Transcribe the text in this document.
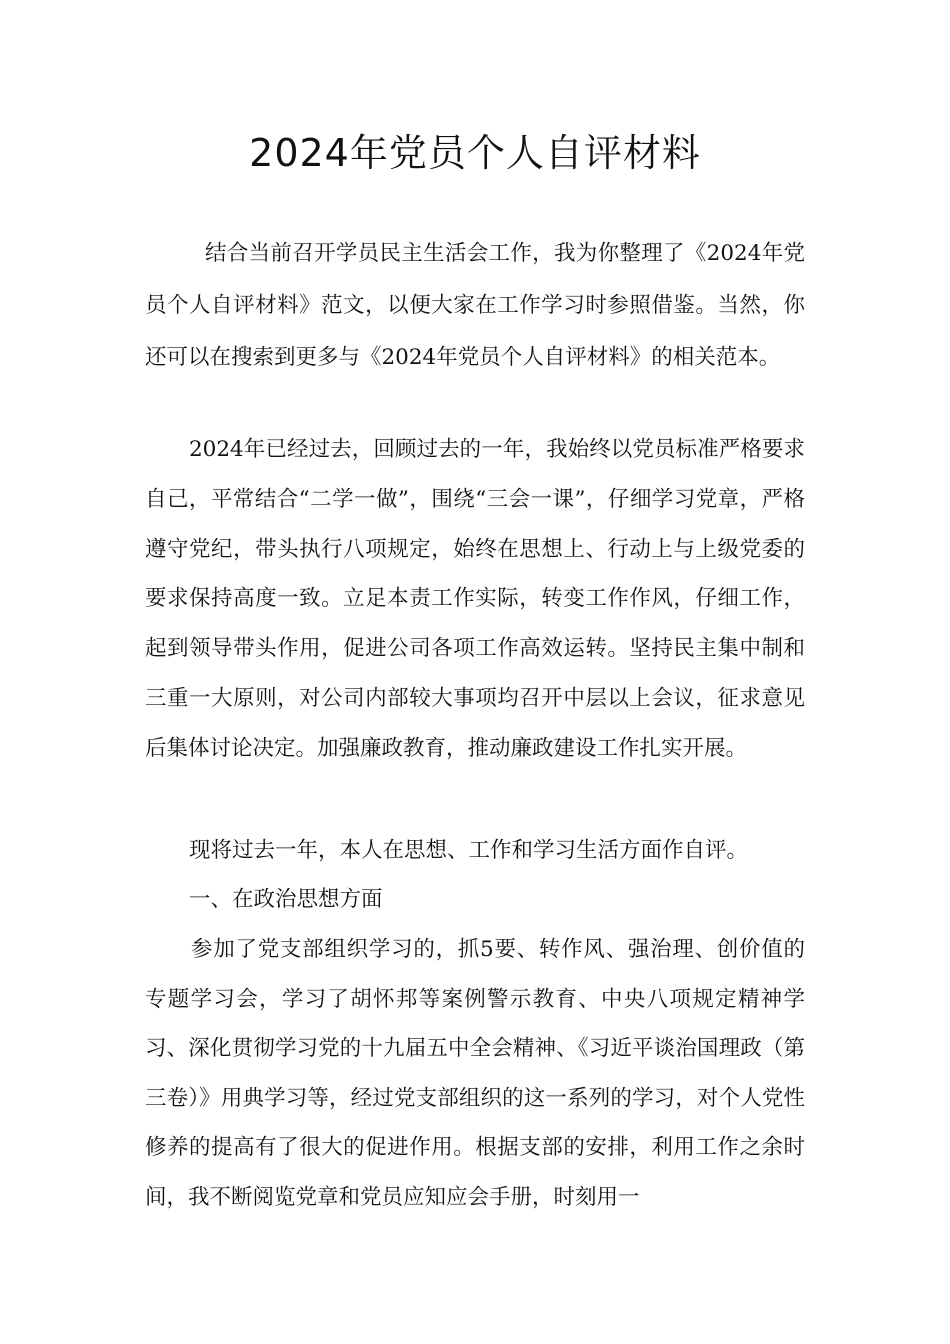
2024年党员个人自评材料

结合当前召开学员民主生活会工作，我为你整理了《2024年党员个人自评材料》范文，以便大家在工作学习时参照借鉴。当然，你还可以在搜索到更多与《2024年党员个人自评材料》的相关范本。

2024年已经过去，回顾过去的一年，我始终以党员标准严格要求自己，平常结合“二学一做”，围绕“三会一课”，仔细学习党章，严格遵守党纪，带头执行八项规定，始终在思想上、行动上与上级党委的要求保持高度一致。立足本责工作实际，转变工作作风，仔细工作，起到领导带头作用，促进公司各项工作高效运转。坚持民主集中制和三重一大原则，对公司内部较大事项均召开中层以上会议，征求意见后集体讨论决定。加强廉政教育，推动廉政建设工作扎实开展。

现将过去一年，本人在思想、工作和学习生活方面作自评。

一、在政治思想方面

参加了党支部组织学习的，抓5要、转作风、强治理、创价值的专题学习会，学习了胡怀邦等案例警示教育、中央八项规定精神学习、深化贯彻学习党的十九届五中全会精神、《习近平谈治国理政（第三卷）》用典学习等，经过党支部组织的这一系列的学习，对个人党性修养的提高有了很大的促进作用。根据支部的安排，利用工作之余时间，我不断阅览党章和党员应知应会手册，时刻用一
